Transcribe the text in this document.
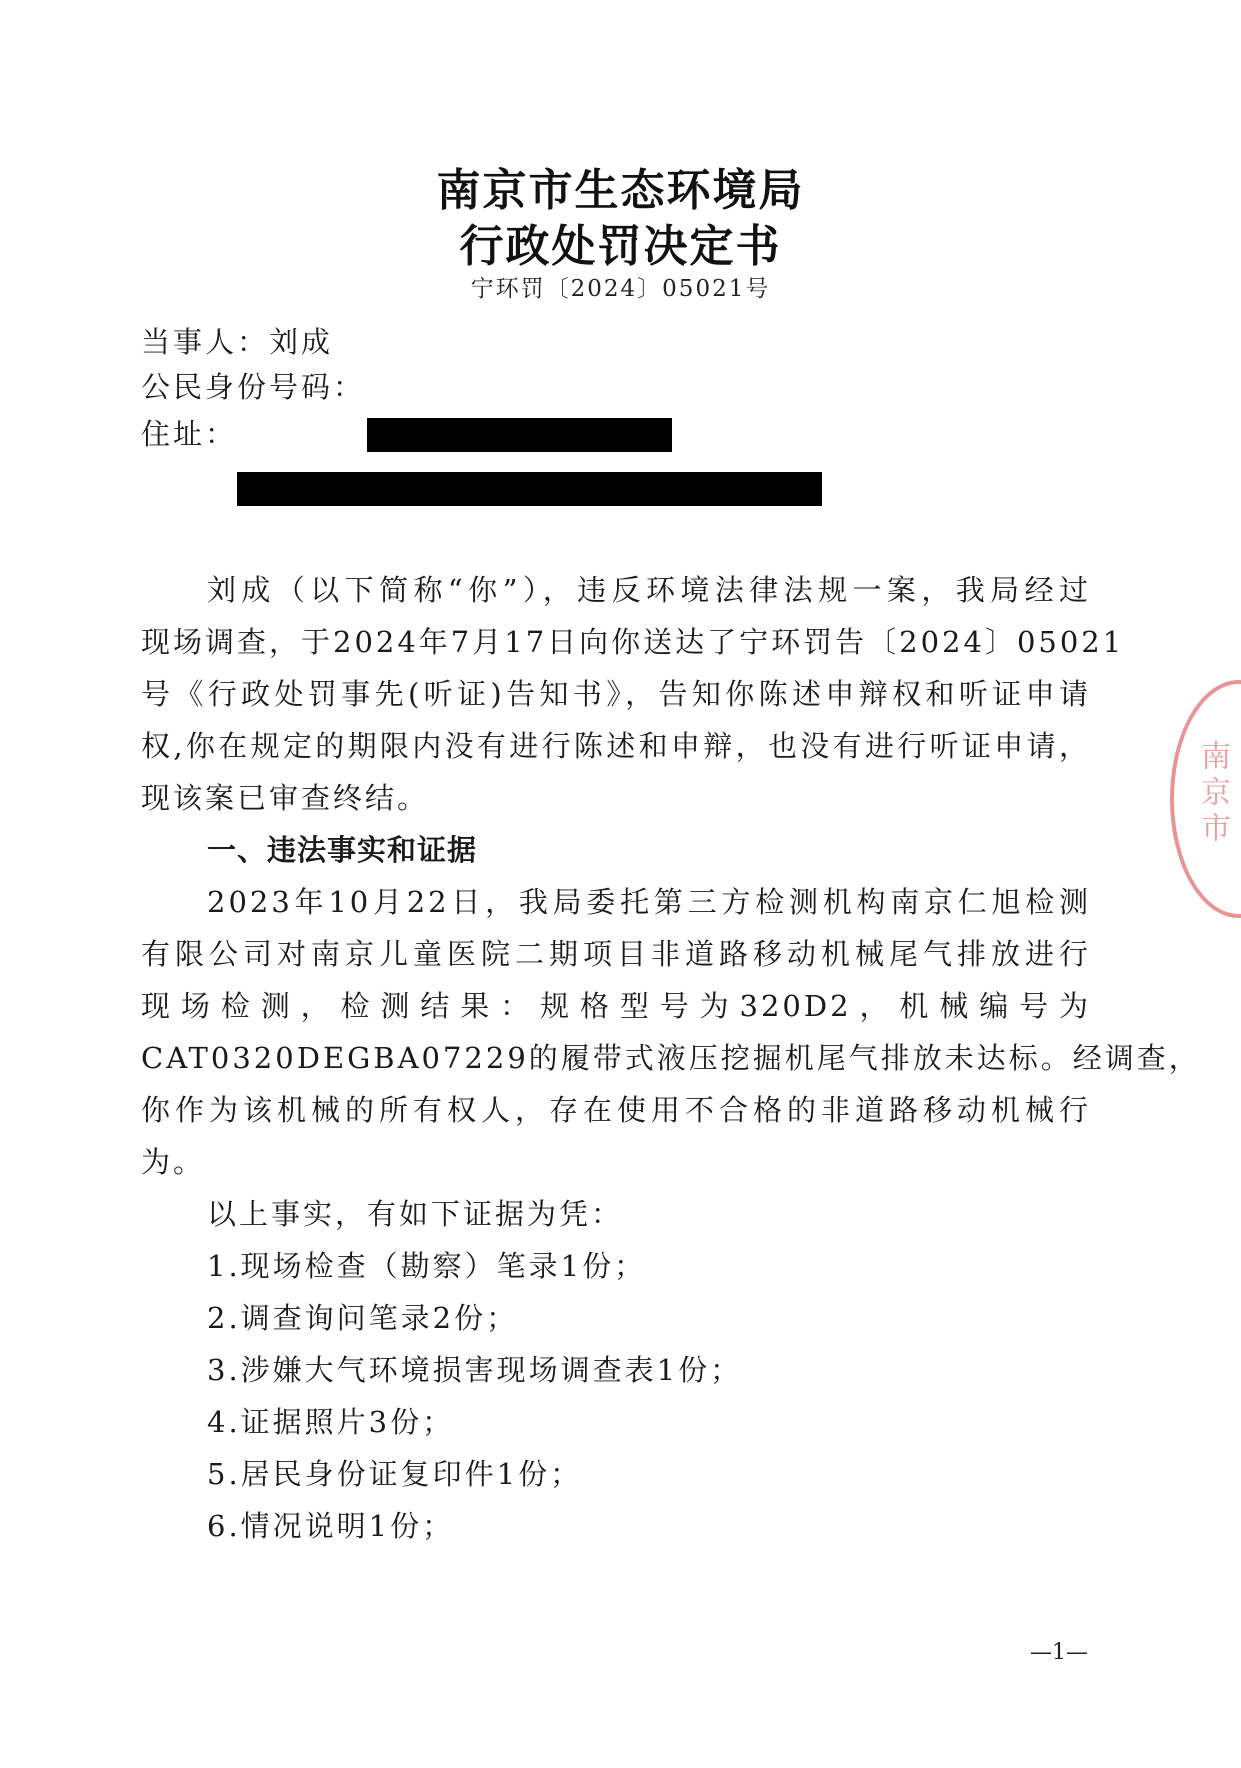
南京市生态环境局
行政处罚决定书
宁环罚〔2024〕05021号
当事人：刘成
公民身份号码：
住址：
刘成（以下简称“你”），违反环境法律法规一案，我局经过
现场调查，于2024年7月17日向你送达了宁环罚告〔2024〕05021
号《行政处罚事先(听证)告知书》，告知你陈述申辩权和听证申请
权,你在规定的期限内没有进行陈述和申辩，也没有进行听证申请，
现该案已审查终结。
一、违法事实和证据
2023年10月22日，我局委托第三方检测机构南京仁旭检测
有限公司对南京儿童医院二期项目非道路移动机械尾气排放进行
现场检测，检测结果：规格型号为320D2，机械编号为
CAT0320DEGBA07229的履带式液压挖掘机尾气排放未达标。经调查，
你作为该机械的所有权人，存在使用不合格的非道路移动机械行
为。
以上事实，有如下证据为凭：
1.现场检查（勘察）笔录1份；
2.调查询问笔录2份；
3.涉嫌大气环境损害现场调查表1份；
4.证据照片3份；
5.居民身份证复印件1份；
6.情况说明1份；
南京市
—1—
